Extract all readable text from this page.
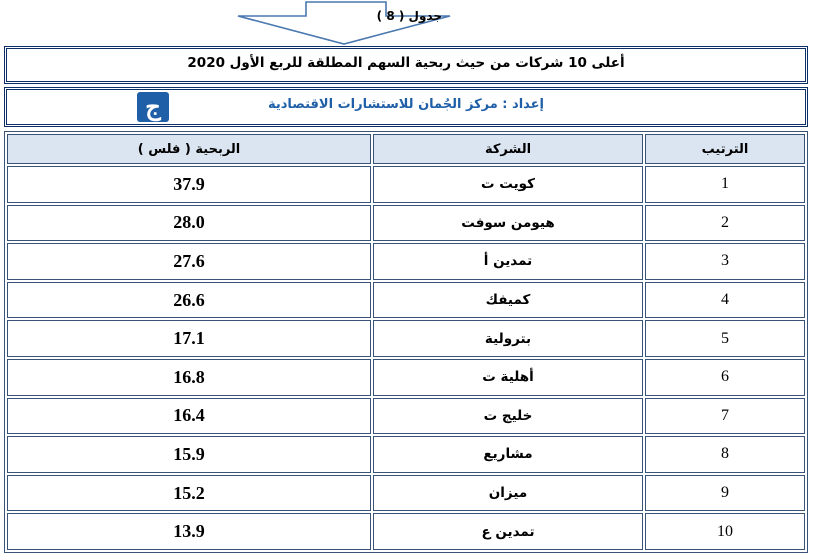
جدول ( 8 )
أعلى 10 شركات من حيث ربحية السهم المطلقة للربع الأول 2020
ج	إعداد : مركز الجُمان للاستشارات الاقتصادية
الربحية ( فلس )	الشركة	الترتيب
37.9	كويت ت	1
28.0	هيومن سوفت	2
27.6	تمدين أ	3
26.6	كميفك	4
17.1	بترولية	5
16.8	أهلية ت	6
16.4	خليج ت	7
15.9	مشاريع	8
15.2	ميزان	9
13.9	تمدين ع	10
